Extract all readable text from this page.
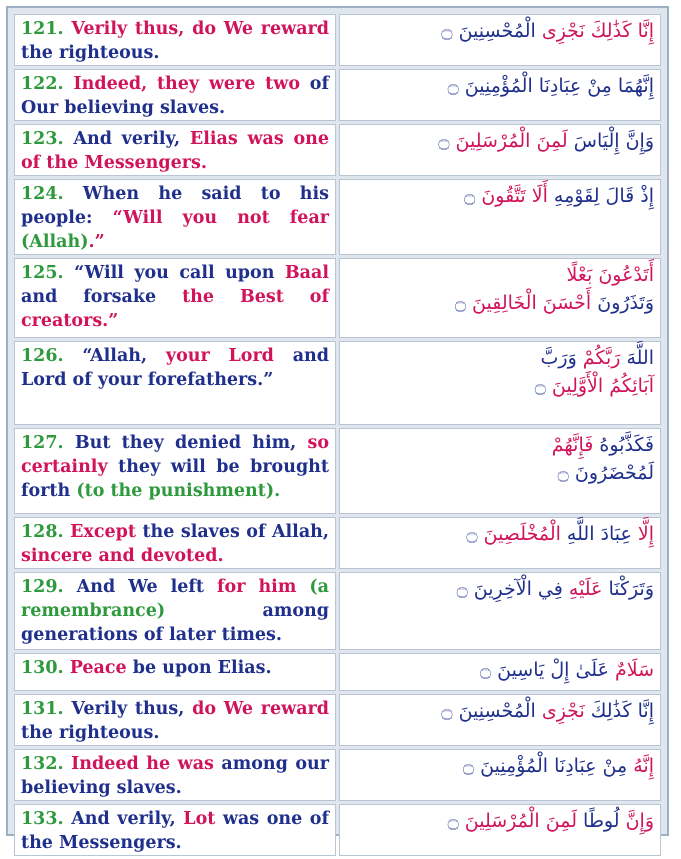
121. Verily thus, do We reward the righteous.	إِنَّا كَذَٰلِكَ نَجْزِى الْمُحْسِنِينَ ۝

122. Indeed, they were two of Our believing slaves.	إِنَّهُمَا مِنْ عِبَادِنَا الْمُؤْمِنِينَ ۝

123. And verily, Elias was one of the Messengers.	وَإِنَّ إِلْيَاسَ لَمِنَ الْمُرْسَلِينَ ۝

124. When he said to his people: “Will you not fear (Allah).”	إِذْ قَالَ لِقَوْمِهِ أَلَا تَتَّقُونَ ۝

125. “Will you call upon Baal and forsake the Best of creators.”	أَتَدْعُونَ بَعْلًا
وَتَذَرُونَ أَحْسَنَ الْخَالِقِينَ ۝

126. “Allah, your Lord and Lord of your forefathers.”	اللَّهَ رَبَّكُمْ وَرَبَّ
آبَائِكُمُ الْأَوَّلِينَ ۝

127. But they denied him, so certainly they will be brought forth (to the punishment).	فَكَذَّبُوهُ فَإِنَّهُمْ
لَمُحْضَرُونَ ۝

128. Except the slaves of Allah, sincere and devoted.	إِلَّا عِبَادَ اللَّهِ الْمُخْلَصِينَ ۝

129. And We left for him (a remembrance) among generations of later times.	وَتَرَكْنَا عَلَيْهِ فِي الْآخِرِينَ ۝

130. Peace be upon Elias.	سَلَامٌ عَلَىٰ إِلْ يَاسِينَ ۝

131. Verily thus, do We reward the righteous.	إِنَّا كَذَٰلِكَ نَجْزِى الْمُحْسِنِينَ ۝

132. Indeed he was among our believing slaves.	إِنَّهُ مِنْ عِبَادِنَا الْمُؤْمِنِينَ ۝

133. And verily, Lot was one of the Messengers.	وَإِنَّ لُوطًا لَمِنَ الْمُرْسَلِينَ ۝
